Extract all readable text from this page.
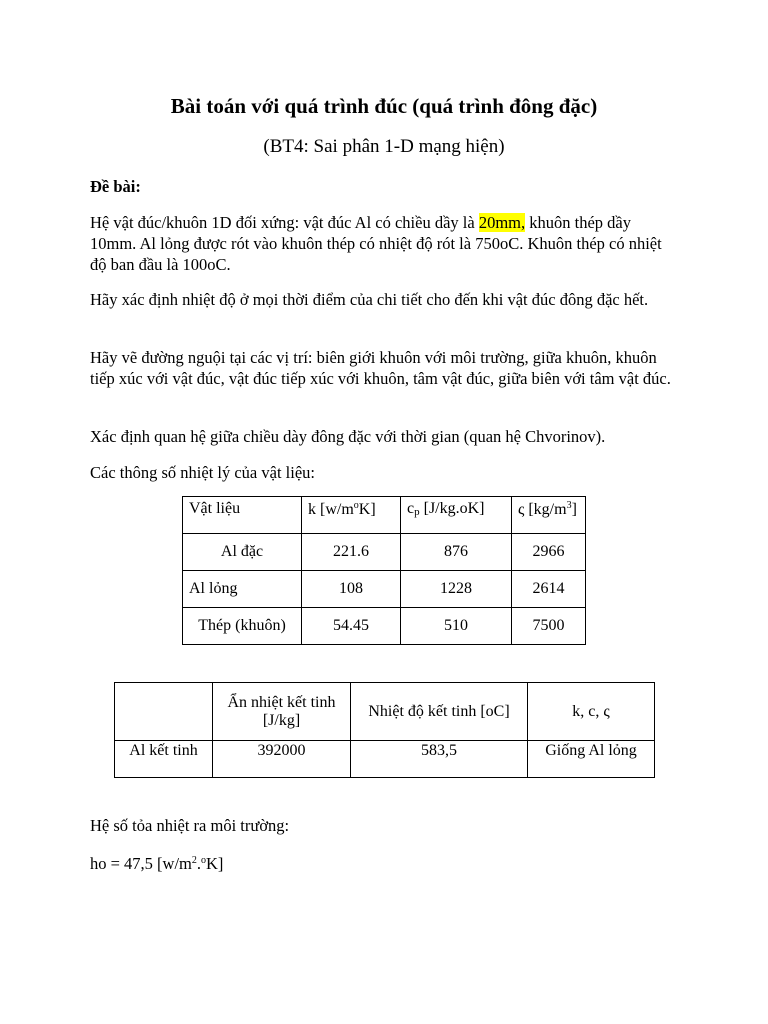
Bài toán với quá trình đúc (quá trình đông đặc)
(BT4: Sai phân 1-D mạng hiện)
Đề bài:
Hệ vật đúc/khuôn 1D đối xứng: vật đúc Al có chiều dầy là 20mm, khuôn thép dầy 10mm. Al lỏng được rót vào khuôn thép có nhiệt độ rót là 750oC. Khuôn thép có nhiệt độ ban đầu là 100oC.
Hãy xác định nhiệt độ ở mọi thời điểm của chi tiết cho đến khi vật đúc đông đặc hết.
Hãy vẽ đường nguội tại các vị trí: biên giới khuôn với môi trường, giữa khuôn, khuôn tiếp xúc với vật đúc, vật đúc tiếp xúc với khuôn, tâm vật đúc, giữa biên với tâm vật đúc.
Xác định quan hệ giữa chiều dày đông đặc với thời gian (quan hệ Chvorinov).
Các thông số nhiệt lý của vật liệu:
Vật liệu	k $[w/m^oK]$	cp [J/kg.oK]	ς $[kg/m^3]$
Al đặc	221.6	876	2966
Al lỏng	108	1228	2614
Thép (khuôn)	54.45	510	7500
	Ẩn nhiệt kết tinh [J/kg]	Nhiệt độ kết tinh [oC]	k, c, ς
Al kết tinh	392000	583,5	Giống Al lỏng
Hệ số tỏa nhiệt ra môi trường:
ho = 47,5 $[w/m^2.^oK]$
